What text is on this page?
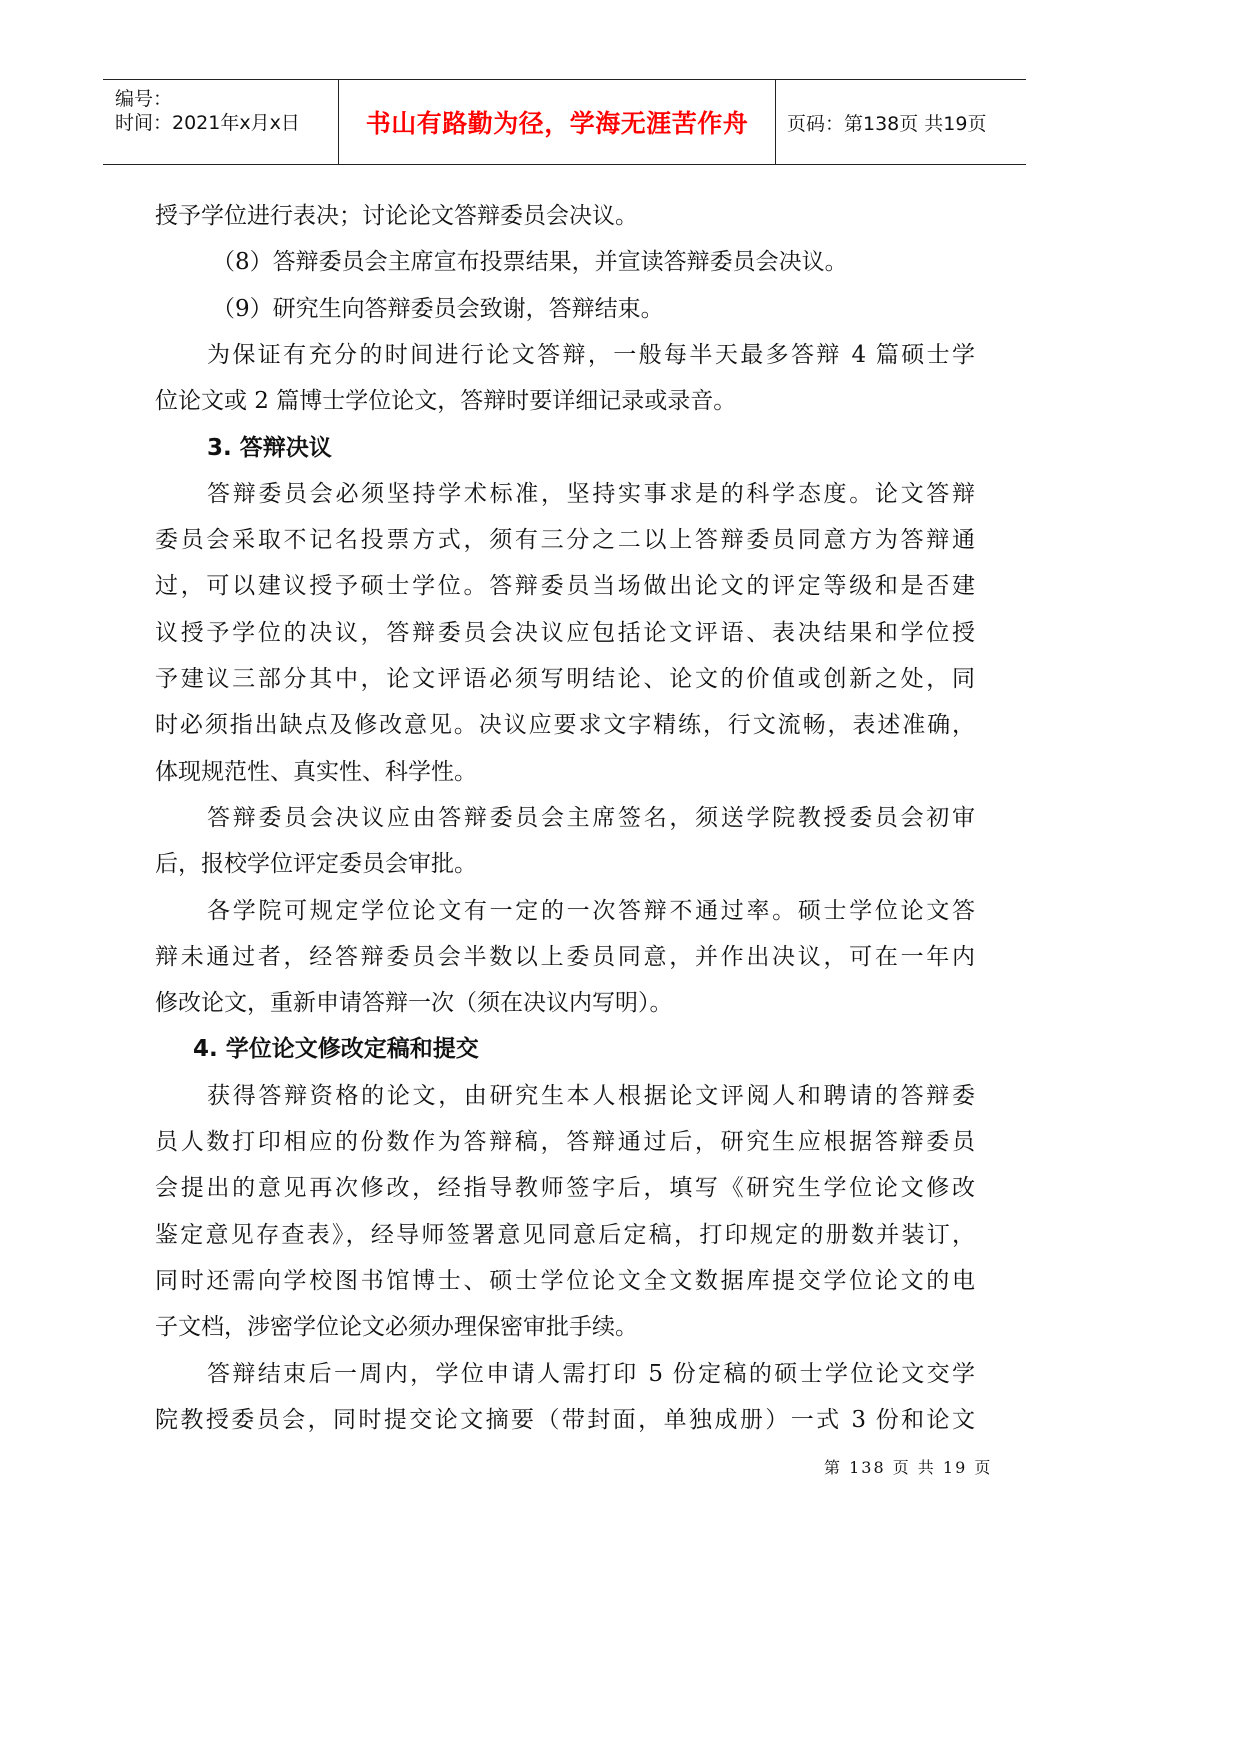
编号：
时间：2021年x月x日	书山有路勤为径，学海无涯苦作舟 页码：第138页 共19页
授予学位进行表决；讨论论文答辩委员会决议。
（8）答辩委员会主席宣布投票结果，并宣读答辩委员会决议。
（9）研究生向答辩委员会致谢，答辩结束。
为保证有充分的时间进行论文答辩，一般每半天最多答辩 4 篇硕士学
位论文或 2 篇博士学位论文，答辩时要详细记录或录音。
3. 答辩决议
答辩委员会必须坚持学术标准，坚持实事求是的科学态度。论文答辩
委员会采取不记名投票方式，须有三分之二以上答辩委员同意方为答辩通
过，可以建议授予硕士学位。答辩委员当场做出论文的评定等级和是否建
议授予学位的决议，答辩委员会决议应包括论文评语、表决结果和学位授
予建议三部分其中，论文评语必须写明结论、论文的价值或创新之处，同
时必须指出缺点及修改意见。决议应要求文字精练，行文流畅，表述准确，
体现规范性、真实性、科学性。
答辩委员会决议应由答辩委员会主席签名，须送学院教授委员会初审
后，报校学位评定委员会审批。
各学院可规定学位论文有一定的一次答辩不通过率。硕士学位论文答
辩未通过者，经答辩委员会半数以上委员同意，并作出决议，可在一年内
修改论文，重新申请答辩一次（须在决议内写明）。
4. 学位论文修改定稿和提交
获得答辩资格的论文，由研究生本人根据论文评阅人和聘请的答辩委
员人数打印相应的份数作为答辩稿，答辩通过后，研究生应根据答辩委员
会提出的意见再次修改，经指导教师签字后，填写《研究生学位论文修改
鉴定意见存查表》，经导师签署意见同意后定稿，打印规定的册数并装订，
同时还需向学校图书馆博士、硕士学位论文全文数据库提交学位论文的电
子文档，涉密学位论文必须办理保密审批手续。
答辩结束后一周内，学位申请人需打印 5 份定稿的硕士学位论文交学
院教授委员会，同时提交论文摘要（带封面，单独成册）一式 3 份和论文
第 138 页 共 19 页
